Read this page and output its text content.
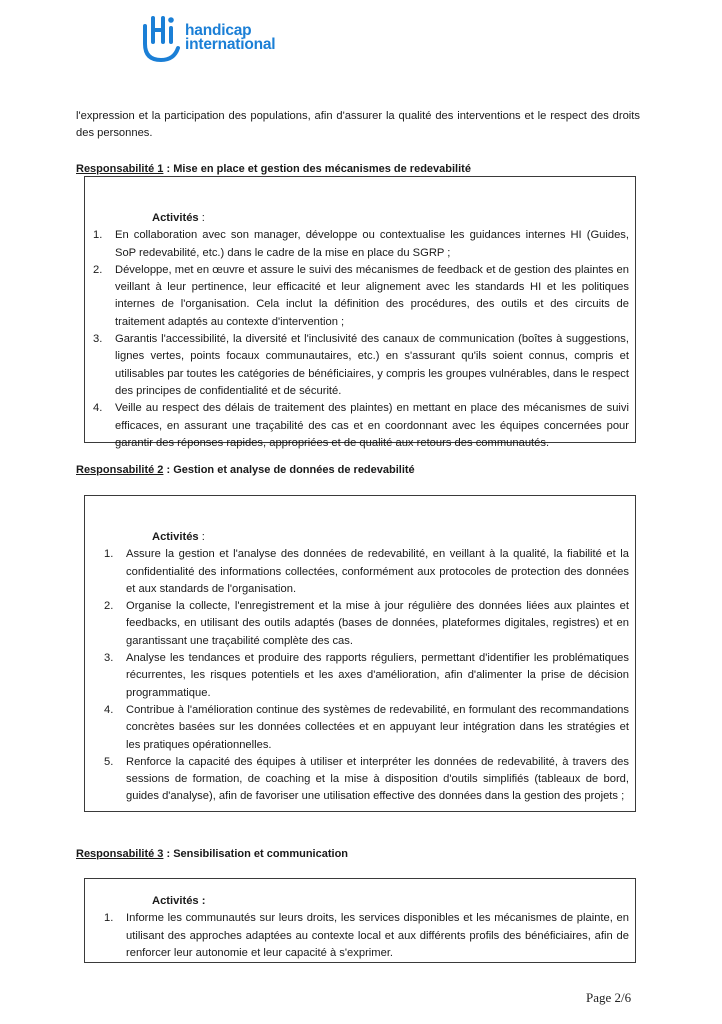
handicap
international
l'expression et la participation des populations, afin d'assurer la qualité des interventions et le respect des droits des personnes.
Responsabilité 1 : Mise en place et gestion des mécanismes de redevabilité
Activités :
1. En collaboration avec son manager, développe ou contextualise les guidances internes HI (Guides, SoP redevabilité, etc.) dans le cadre de la mise en place du SGRP ;
2. Développe, met en œuvre et assure le suivi des mécanismes de feedback et de gestion des plaintes en veillant à leur pertinence, leur efficacité et leur alignement avec les standards HI et les politiques internes de l'organisation. Cela inclut la définition des procédures, des outils et des circuits de traitement adaptés au contexte d'intervention ;
3. Garantis l'accessibilité, la diversité et l'inclusivité des canaux de communication (boîtes à suggestions, lignes vertes, points focaux communautaires, etc.) en s'assurant qu'ils soient connus, compris et utilisables par toutes les catégories de bénéficiaires, y compris les groupes vulnérables, dans le respect des principes de confidentialité et de sécurité.
4. Veille au respect des délais de traitement des plaintes) en mettant en place des mécanismes de suivi efficaces, en assurant une traçabilité des cas et en coordonnant avec les équipes concernées pour garantir des réponses rapides, appropriées et de qualité aux retours des communautés.
Responsabilité 2 : Gestion et analyse de données de redevabilité
Activités :
1. Assure la gestion et l'analyse des données de redevabilité, en veillant à la qualité, la fiabilité et la confidentialité des informations collectées, conformément aux protocoles de protection des données et aux standards de l'organisation.
2. Organise la collecte, l'enregistrement et la mise à jour régulière des données liées aux plaintes et feedbacks, en utilisant des outils adaptés (bases de données, plateformes digitales, registres) et en garantissant une traçabilité complète des cas.
3. Analyse les tendances et produire des rapports réguliers, permettant d'identifier les problématiques récurrentes, les risques potentiels et les axes d'amélioration, afin d'alimenter la prise de décision programmatique.
4. Contribue à l'amélioration continue des systèmes de redevabilité, en formulant des recommandations concrètes basées sur les données collectées et en appuyant leur intégration dans les stratégies et les pratiques opérationnelles.
5. Renforce la capacité des équipes à utiliser et interpréter les données de redevabilité, à travers des sessions de formation, de coaching et la mise à disposition d'outils simplifiés (tableaux de bord, guides d'analyse), afin de favoriser une utilisation effective des données dans la gestion des projets ;
Responsabilité 3 : Sensibilisation et communication
Activités :
1. Informe les communautés sur leurs droits, les services disponibles et les mécanismes de plainte, en utilisant des approches adaptées au contexte local et aux différents profils des bénéficiaires, afin de renforcer leur autonomie et leur capacité à s'exprimer.
Page 2/6
